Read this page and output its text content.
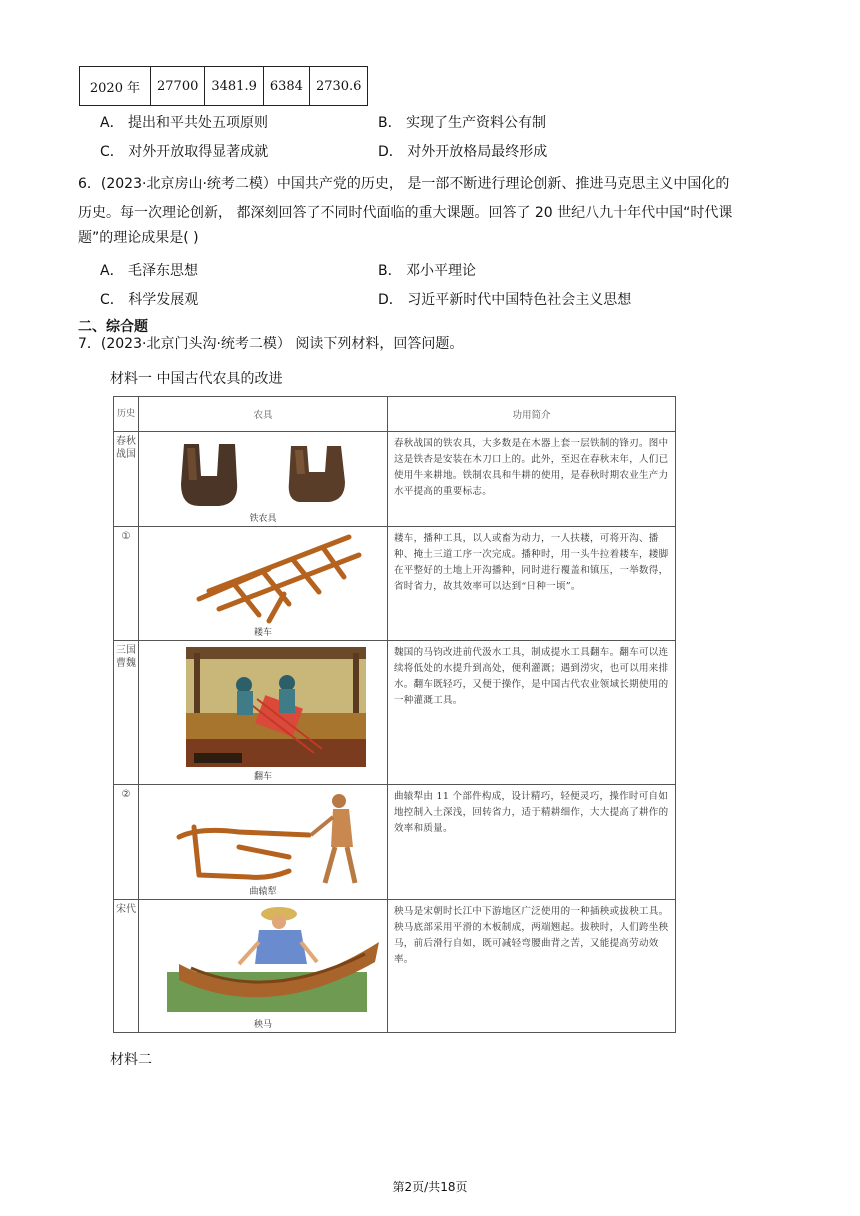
2020 年	27700	3481.9	6384	2730.6
A． 提出和平共处五项原则	B． 实现了生产资料公有制
C． 对外开放取得显著成就	D． 对外开放格局最终形成
6．(2023·北京房山·统考二模）中国共产党的历史， 是一部不断进行理论创新、推进马克思主义中国化的
历史。每一次理论创新， 都深刻回答了不同时代面临的重大课题。回答了 20 世纪八九十年代中国“时代课
题”的理论成果是( )
A． 毛泽东思想	B． 邓小平理论
C． 科学发展观	D． 习近平新时代中国特色社会主义思想
二、综合题
7．(2023·北京门头沟·统考二模） 阅读下列材料，回答问题。
材料一 中国古代农具的改进
历史	农具	功用简介
春秋战国	铁农具	春秋战国的铁农具，大多数是在木器上套一层铁制的锋刃。图中这是铁杏是安装在木刀口上的。此外，至迟在春秋末年，人们已使用牛来耕地。铁制农具和牛耕的使用，是春秋时期农业生产力水平提高的重要标志。
①	耧车	耧车，播种工具，以人或畜为动力，一人扶耧，可将开沟、播种、掩土三道工序一次完成。播种时，用一头牛拉着耧车，耧脚在平整好的土地上开沟播种，同时进行覆盖和镇压，一举数得，省时省力，故其效率可以达到“日种一顷”。
三国曹魏	翻车	魏国的马钧改进前代汲水工具，制成提水工具翻车。翻车可以连续将低处的水提升到高处，便利灌溉；遇到涝灾，也可以用来排水。翻车既轻巧，又便于操作，是中国古代农业领域长期使用的一种灌溉工具。
②	曲辕犁	曲辕犁由 11 个部件构成，设计精巧，轻便灵巧，操作时可自如地控制入土深浅，回转省力，适于精耕细作，大大提高了耕作的效率和质量。
宋代	秧马	秧马是宋朝时长江中下游地区广泛使用的一种插秧或拔秧工具。秧马底部采用平滑的木板制成，两端翘起。拔秧时，人们跨坐秧马，前后滑行自如，既可减轻弯腰曲背之苦，又能提高劳动效率。
材料二
第2页/共18页
